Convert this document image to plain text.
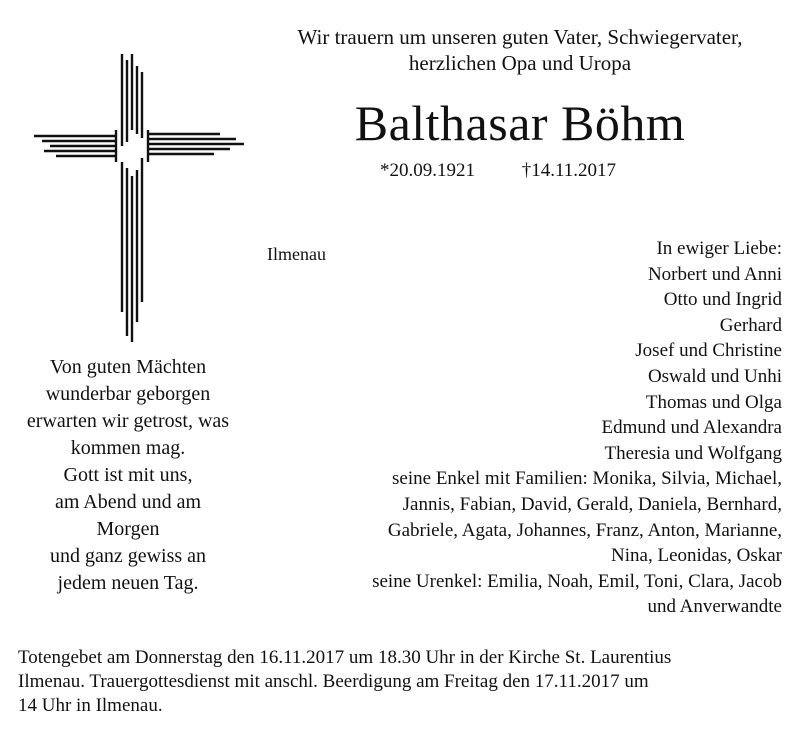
Wir trauern um unseren guten Vater, Schwiegervater,
herzlichen Opa und Uropa
Balthasar Böhm
*20.09.1921 †14.11.2017
Ilmenau
Von guten Mächten
wunderbar geborgen
erwarten wir getrost, was
kommen mag.
Gott ist mit uns,
am Abend und am
Morgen
und ganz gewiss an
jedem neuen Tag.
In ewiger Liebe:
Norbert und Anni
Otto und Ingrid
Gerhard
Josef und Christine
Oswald und Unhi
Thomas und Olga
Edmund und Alexandra
Theresia und Wolfgang
seine Enkel mit Familien: Monika, Silvia, Michael,
Jannis, Fabian, David, Gerald, Daniela, Bernhard,
Gabriele, Agata, Johannes, Franz, Anton, Marianne,
Nina, Leonidas, Oskar
seine Urenkel: Emilia, Noah, Emil, Toni, Clara, Jacob
und Anverwandte
Totengebet am Donnerstag den 16.11.2017 um 18.30 Uhr in der Kirche St. Laurentius
Ilmenau. Trauergottesdienst mit anschl. Beerdigung am Freitag den 17.11.2017 um
14 Uhr in Ilmenau.
